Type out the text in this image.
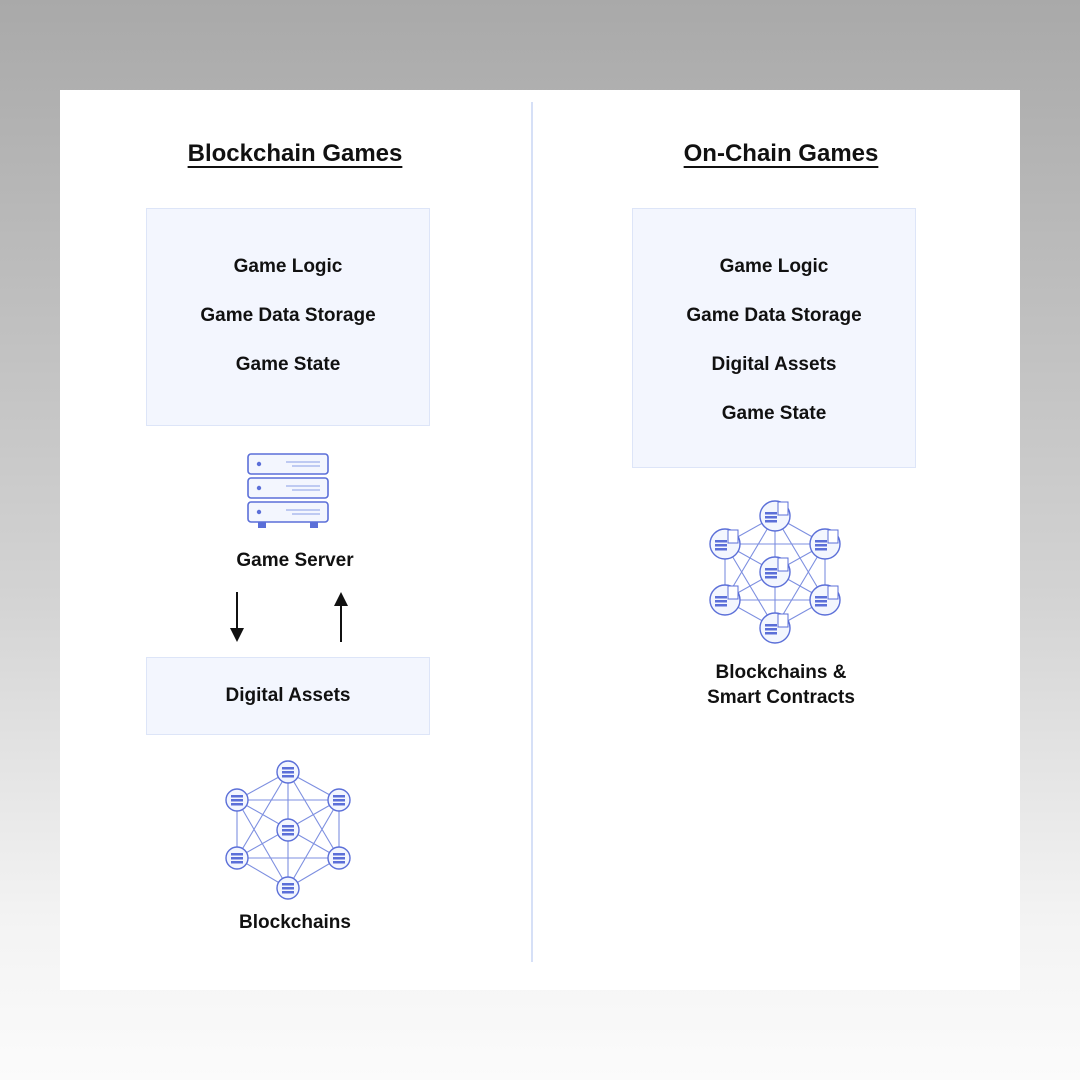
Blockchain Games
Game Logic
Game Data Storage
Game State
Game Server
Digital Assets
Blockchains
On-Chain Games
Game Logic
Game Data Storage
Digital Assets
Game State
Blockchains &
Smart Contracts
